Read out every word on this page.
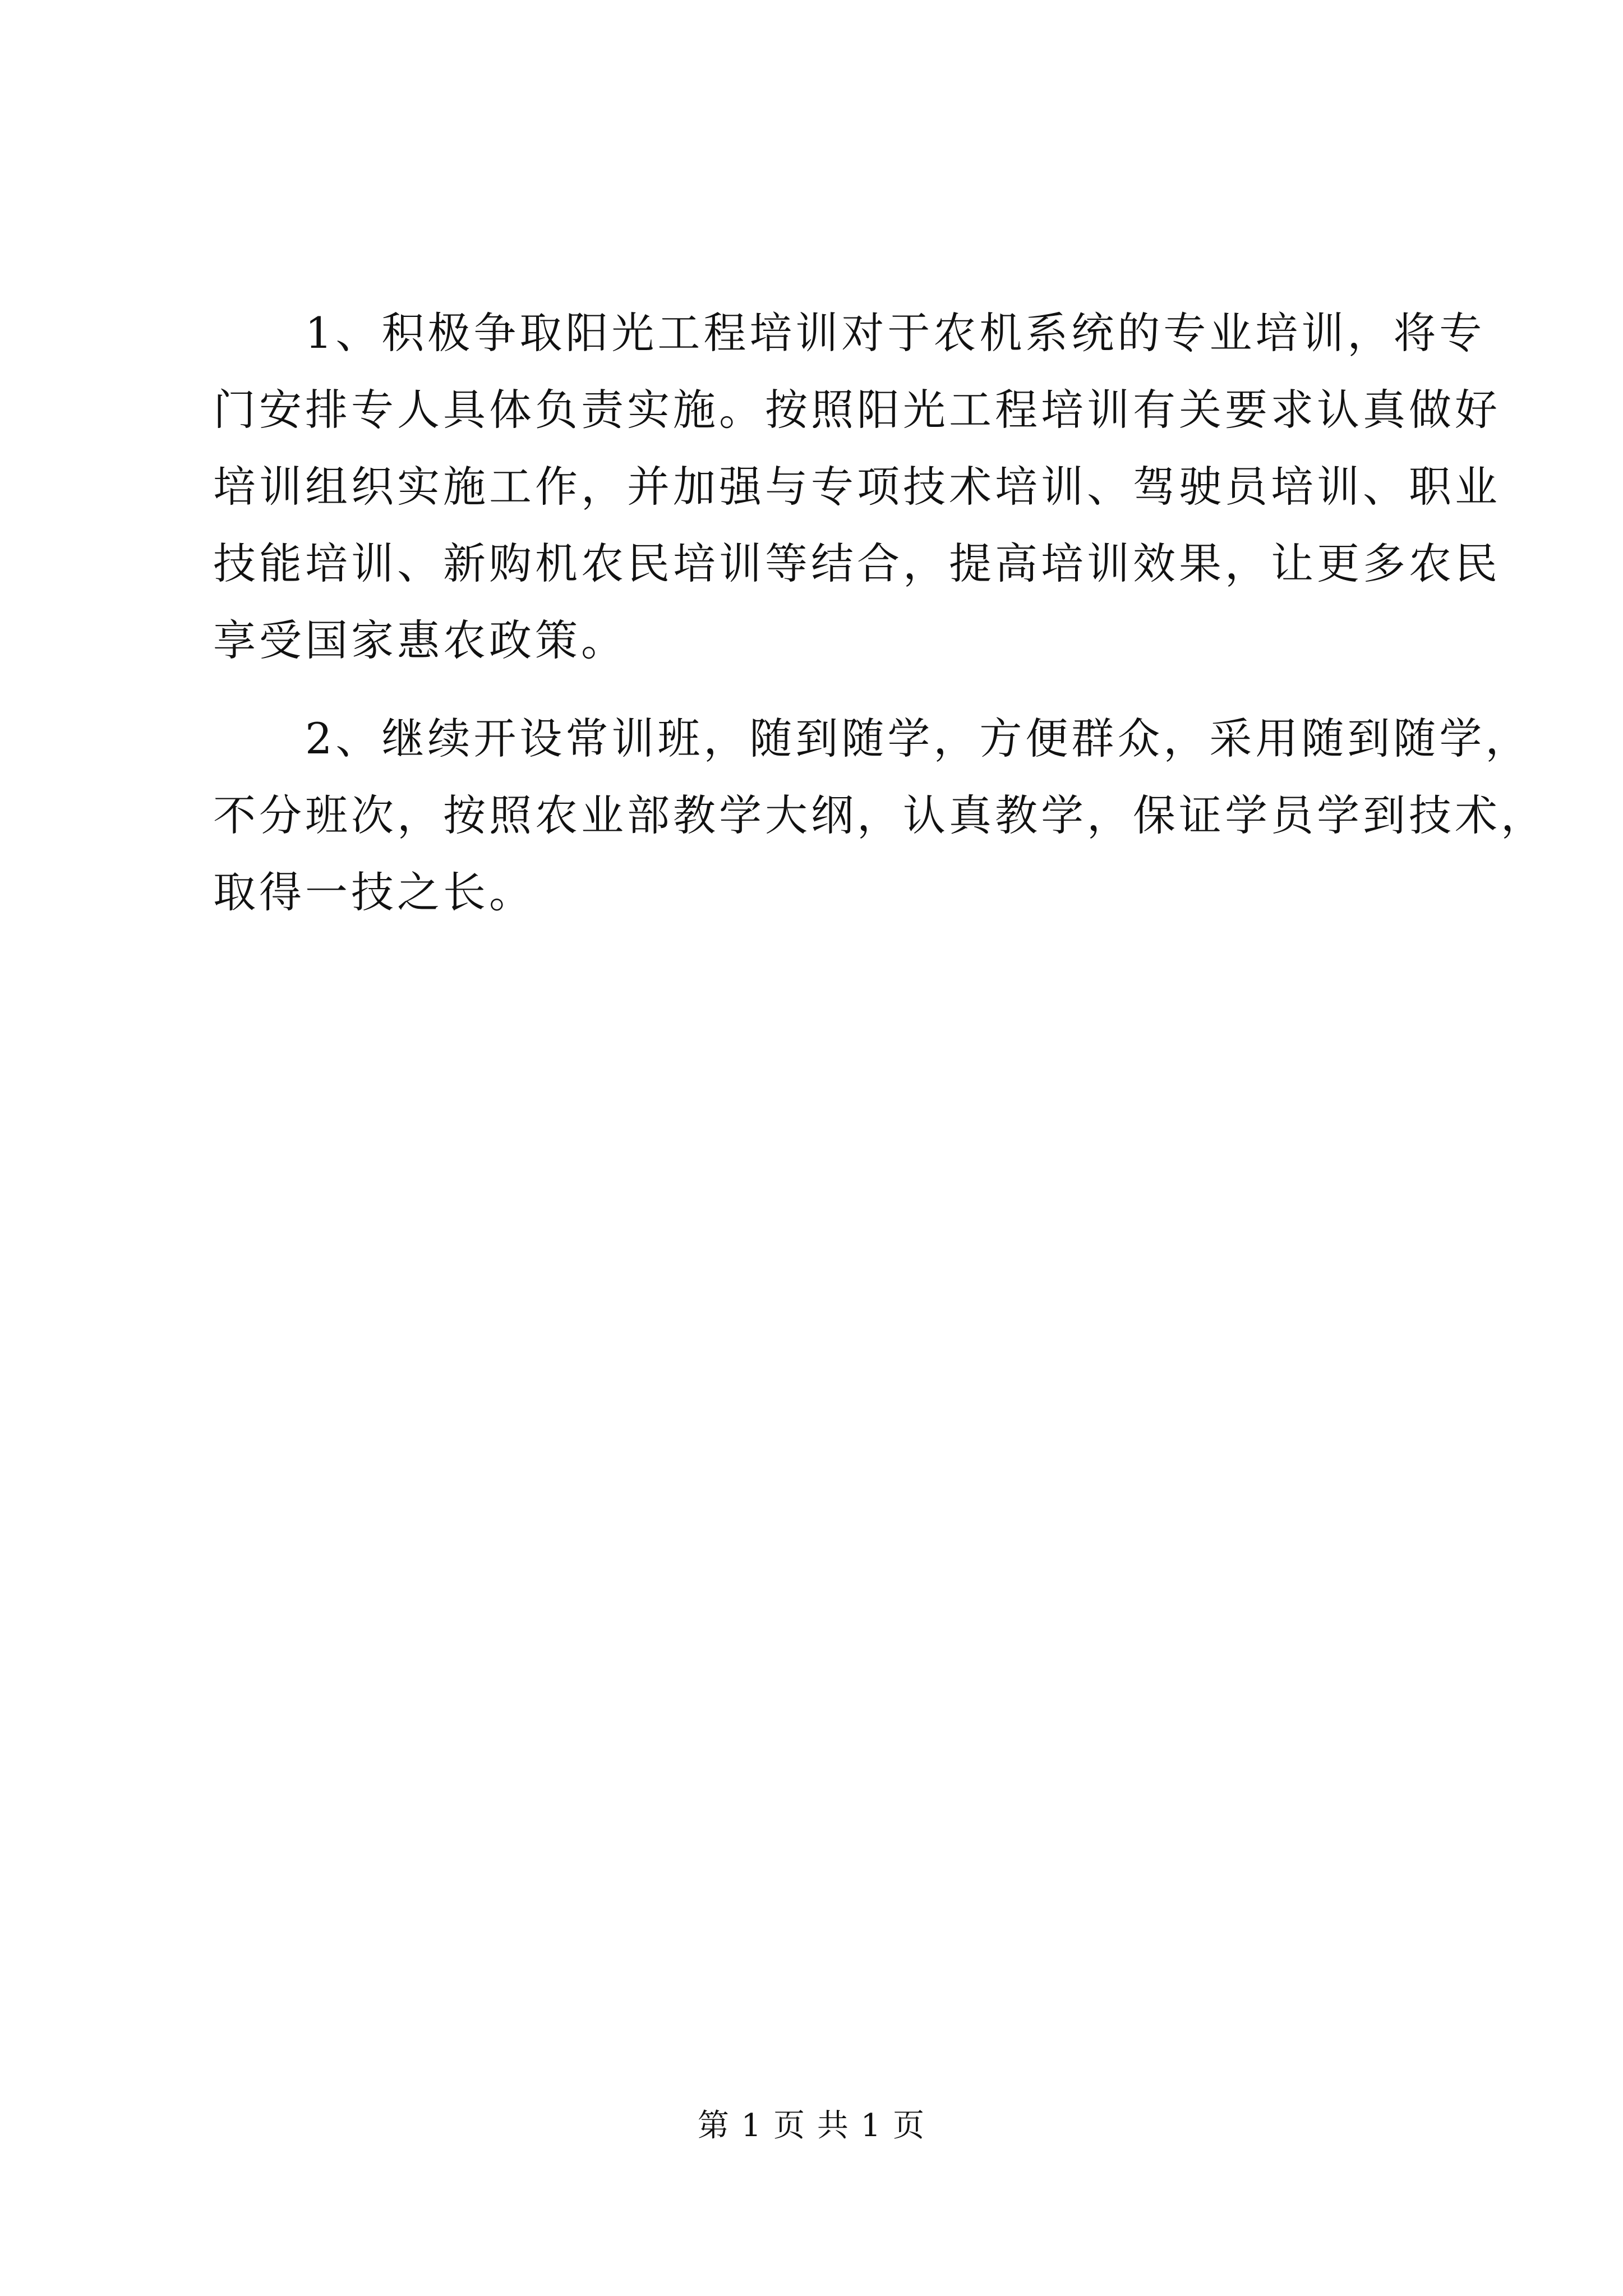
　　1、积极争取阳光工程培训对于农机系统的专业培训，将专
门安排专人具体负责实施。按照阳光工程培训有关要求认真做好
培训组织实施工作，并加强与专项技术培训、驾驶员培训、职业
技能培训、新购机农民培训等结合，提高培训效果，让更多农民
享受国家惠农政策。
　　2、继续开设常训班，随到随学，方便群众，采用随到随学，
不分班次，按照农业部教学大纲，认真教学，保证学员学到技术，
取得一技之长。
第 1 页 共 1 页
